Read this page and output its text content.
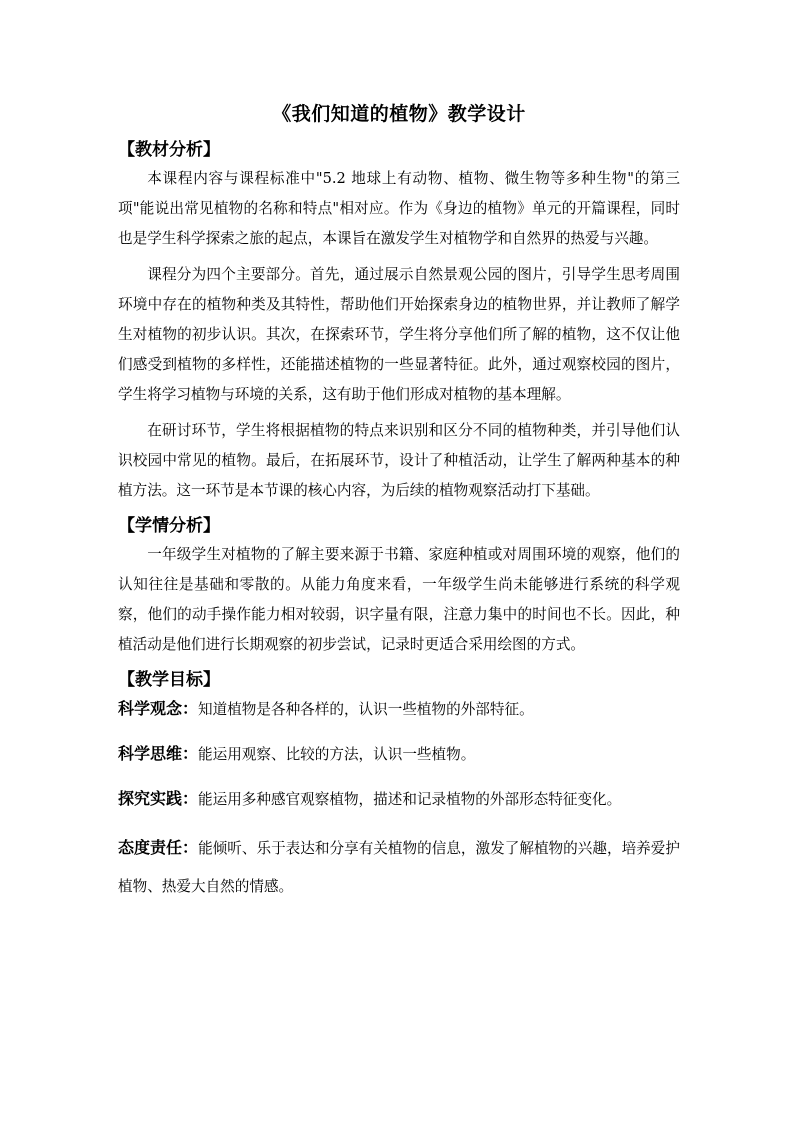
《我们知道的植物》教学设计
【教材分析】

本课程内容与课程标准中"5.2 地球上有动物、植物、微生物等多种生物"的第三项"能说出常见植物的名称和特点"相对应。作为《身边的植物》单元的开篇课程，同时也是学生科学探索之旅的起点，本课旨在激发学生对植物学和自然界的热爱与兴趣。

课程分为四个主要部分。首先，通过展示自然景观公园的图片，引导学生思考周围环境中存在的植物种类及其特性，帮助他们开始探索身边的植物世界，并让教师了解学生对植物的初步认识。其次，在探索环节，学生将分享他们所了解的植物，这不仅让他们感受到植物的多样性，还能描述植物的一些显著特征。此外，通过观察校园的图片，学生将学习植物与环境的关系，这有助于他们形成对植物的基本理解。

在研讨环节，学生将根据植物的特点来识别和区分不同的植物种类，并引导他们认识校园中常见的植物。最后，在拓展环节，设计了种植活动，让学生了解两种基本的种植方法。这一环节是本节课的核心内容，为后续的植物观察活动打下基础。

【学情分析】

一年级学生对植物的了解主要来源于书籍、家庭种植或对周围环境的观察，他们的认知往往是基础和零散的。从能力角度来看，一年级学生尚未能够进行系统的科学观察，他们的动手操作能力相对较弱，识字量有限，注意力集中的时间也不长。因此，种植活动是他们进行长期观察的初步尝试，记录时更适合采用绘图的方式。

【教学目标】
科学观念：知道植物是各种各样的，认识一些植物的外部特征。
科学思维：能运用观察、比较的方法，认识一些植物。
探究实践：能运用多种感官观察植物，描述和记录植物的外部形态特征变化。
态度责任：能倾听、乐于表达和分享有关植物的信息，激发了解植物的兴趣，培养爱护植物、热爱大自然的情感。
